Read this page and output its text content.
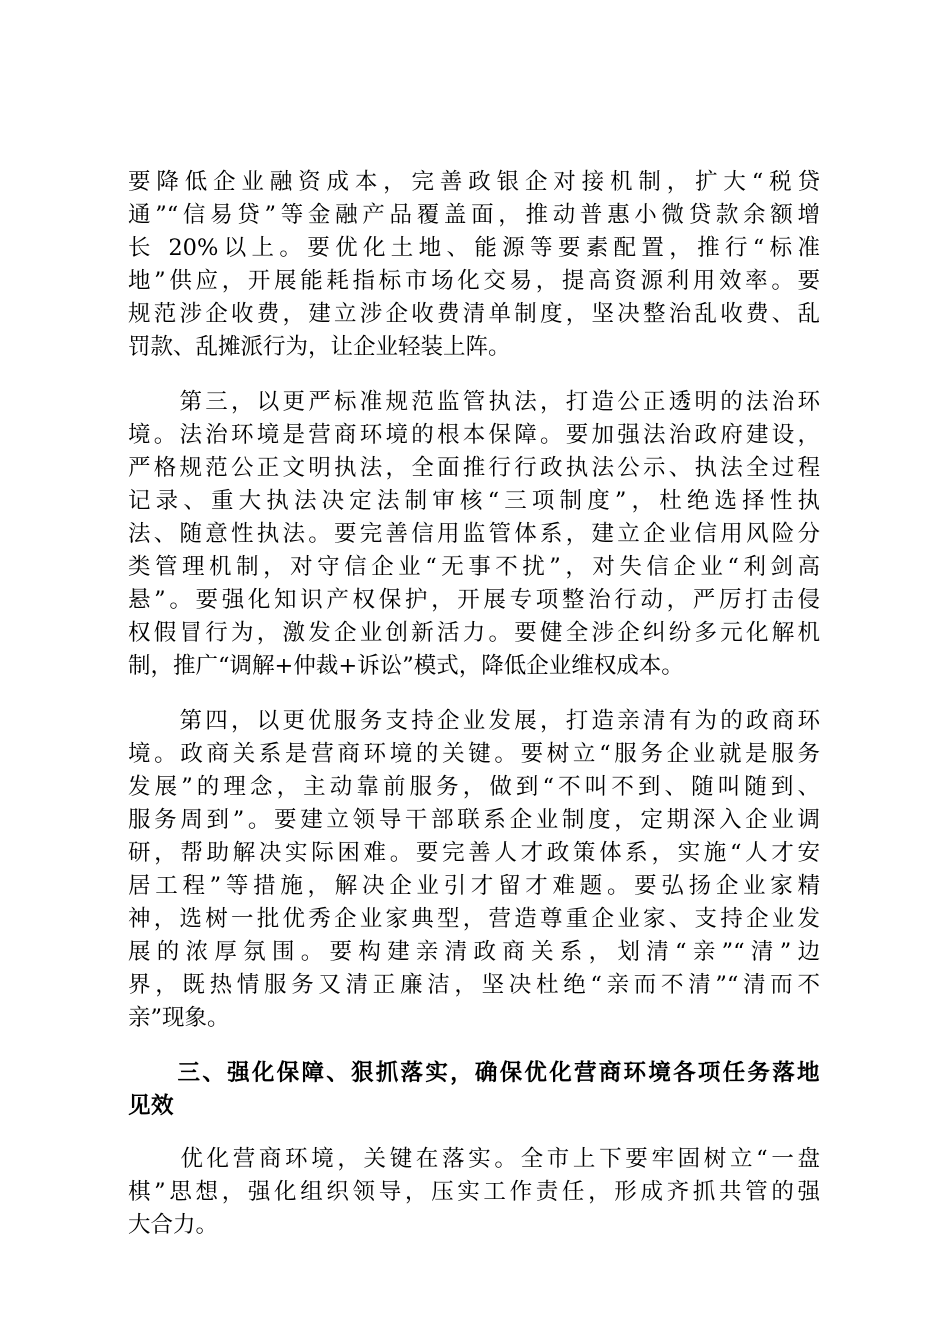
要降低企业融资成本，完善政银企对接机制，扩大“税贷
通”“信易贷”等金融产品覆盖面，推动普惠小微贷款余额增
长 20%以上。要优化土地、能源等要素配置，推行“标准
地”供应，开展能耗指标市场化交易，提高资源利用效率。要
规范涉企收费，建立涉企收费清单制度，坚决整治乱收费、乱
罚款、乱摊派行为，让企业轻装上阵。
　　第三，以更严标准规范监管执法，打造公正透明的法治环
境。法治环境是营商环境的根本保障。要加强法治政府建设，
严格规范公正文明执法，全面推行行政执法公示、执法全过程
记录、重大执法决定法制审核“三项制度”，杜绝选择性执
法、随意性执法。要完善信用监管体系，建立企业信用风险分
类管理机制，对守信企业“无事不扰”，对失信企业“利剑高
悬”。要强化知识产权保护，开展专项整治行动，严厉打击侵
权假冒行为，激发企业创新活力。要健全涉企纠纷多元化解机
制，推广“调解+仲裁+诉讼”模式，降低企业维权成本。
　　第四，以更优服务支持企业发展，打造亲清有为的政商环
境。政商关系是营商环境的关键。要树立“服务企业就是服务
发展”的理念，主动靠前服务，做到“不叫不到、随叫随到、
服务周到”。要建立领导干部联系企业制度，定期深入企业调
研，帮助解决实际困难。要完善人才政策体系，实施“人才安
居工程”等措施，解决企业引才留才难题。要弘扬企业家精
神，选树一批优秀企业家典型，营造尊重企业家、支持企业发
展的浓厚氛围。要构建亲清政商关系，划清“亲”“清”边
界，既热情服务又清正廉洁，坚决杜绝“亲而不清”“清而不
亲”现象。
　　三、强化保障、狠抓落实，确保优化营商环境各项任务落地
见效
　　优化营商环境，关键在落实。全市上下要牢固树立“一盘
棋”思想，强化组织领导，压实工作责任，形成齐抓共管的强
大合力。
